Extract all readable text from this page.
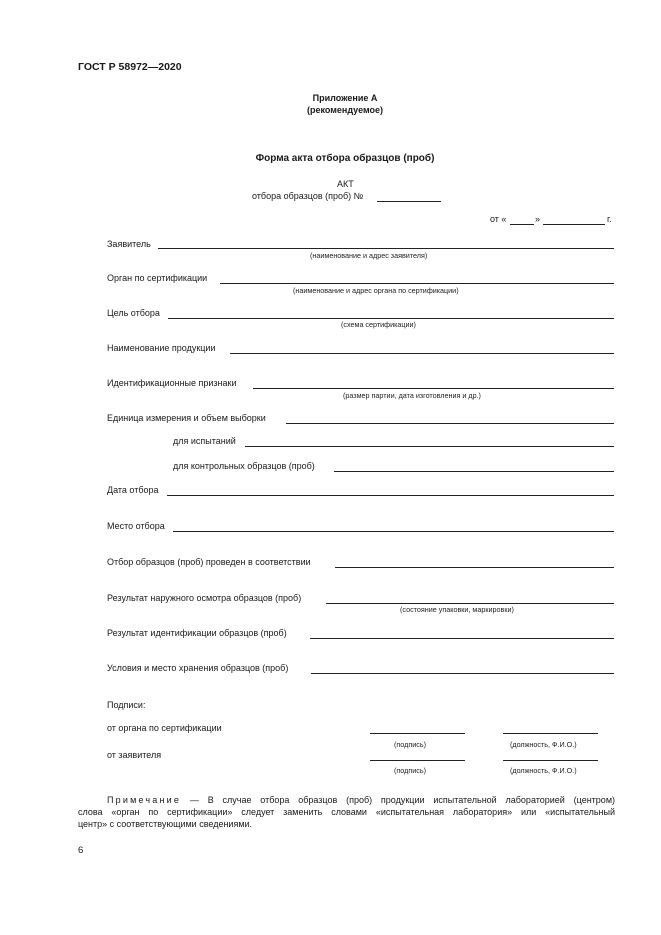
ГОСТ Р 58972—2020
Приложение А
(рекомендуемое)
Форма акта отбора образцов (проб)
АКТ
отбора образцов (проб) №
от «	»	г.
Заявитель
(наименование и адрес заявителя)
Орган по сертификации
(наименование и адрес органа по сертификации)
Цель отбора
(схема сертификации)
Наименование продукции
Идентификационные признаки
(размер партии, дата изготовления и др.)
Единица измерения и объем выборки
для испытаний
для контрольных образцов (проб)
Дата отбора
Место отбора
Отбор образцов (проб) проведен в соответствии
Результат наружного осмотра образцов (проб)
(состояние упаковки, маркировки)
Результат идентификации образцов (проб)
Условия и место хранения образцов (проб)
Подписи:
от органа по сертификации
(подпись)	(должность, Ф.И.О.)
от заявителя
(подпись)	(должность, Ф.И.О.)
Примечание — В случае отбора образцов (проб) продукции испытательной лабораторией (центром)
слова «орган по сертификации» следует заменить словами «испытательная лаборатория» или «испытательный
центр» с соответствующими сведениями.
6
